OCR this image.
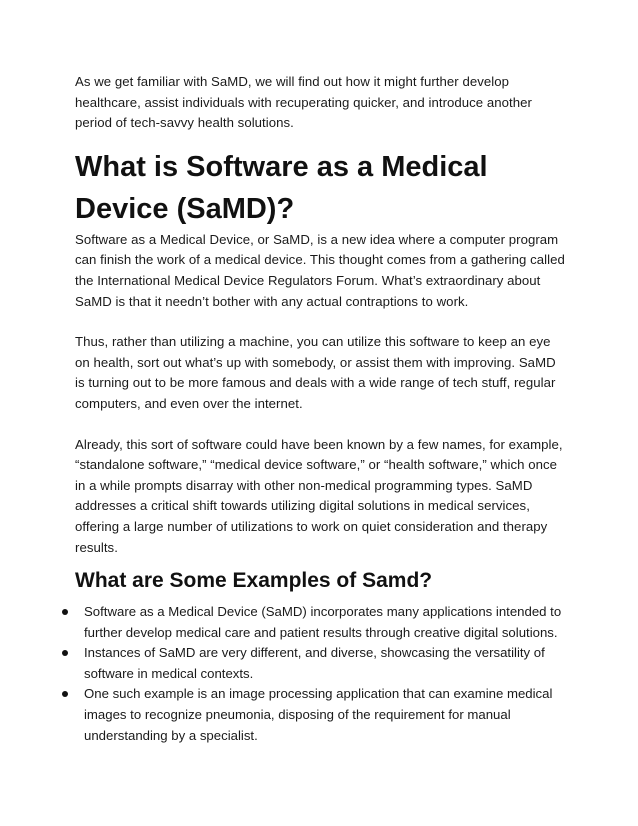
As we get familiar with SaMD, we will find out how it might further develop healthcare, assist individuals with recuperating quicker, and introduce another period of tech-savvy health solutions.

What is Software as a Medical Device (SaMD)?

Software as a Medical Device, or SaMD, is a new idea where a computer program can finish the work of a medical device. This thought comes from a gathering called the International Medical Device Regulators Forum. What’s extraordinary about SaMD is that it needn’t bother with any actual contraptions to work.

Thus, rather than utilizing a machine, you can utilize this software to keep an eye on health, sort out what’s up with somebody, or assist them with improving. SaMD is turning out to be more famous and deals with a wide range of tech stuff, regular computers, and even over the internet.

Already, this sort of software could have been known by a few names, for example, “standalone software,” “medical device software,” or “health software,” which once in a while prompts disarray with other non-medical programming types. SaMD addresses a critical shift towards utilizing digital solutions in medical services, offering a large number of utilizations to work on quiet consideration and therapy results.

What are Some Examples of Samd?
Software as a Medical Device (SaMD) incorporates many applications intended to further develop medical care and patient results through creative digital solutions.
Instances of SaMD are very different, and diverse, showcasing the versatility of software in medical contexts.
One such example is an image processing application that can examine medical images to recognize pneumonia, disposing of the requirement for manual understanding by a specialist.
